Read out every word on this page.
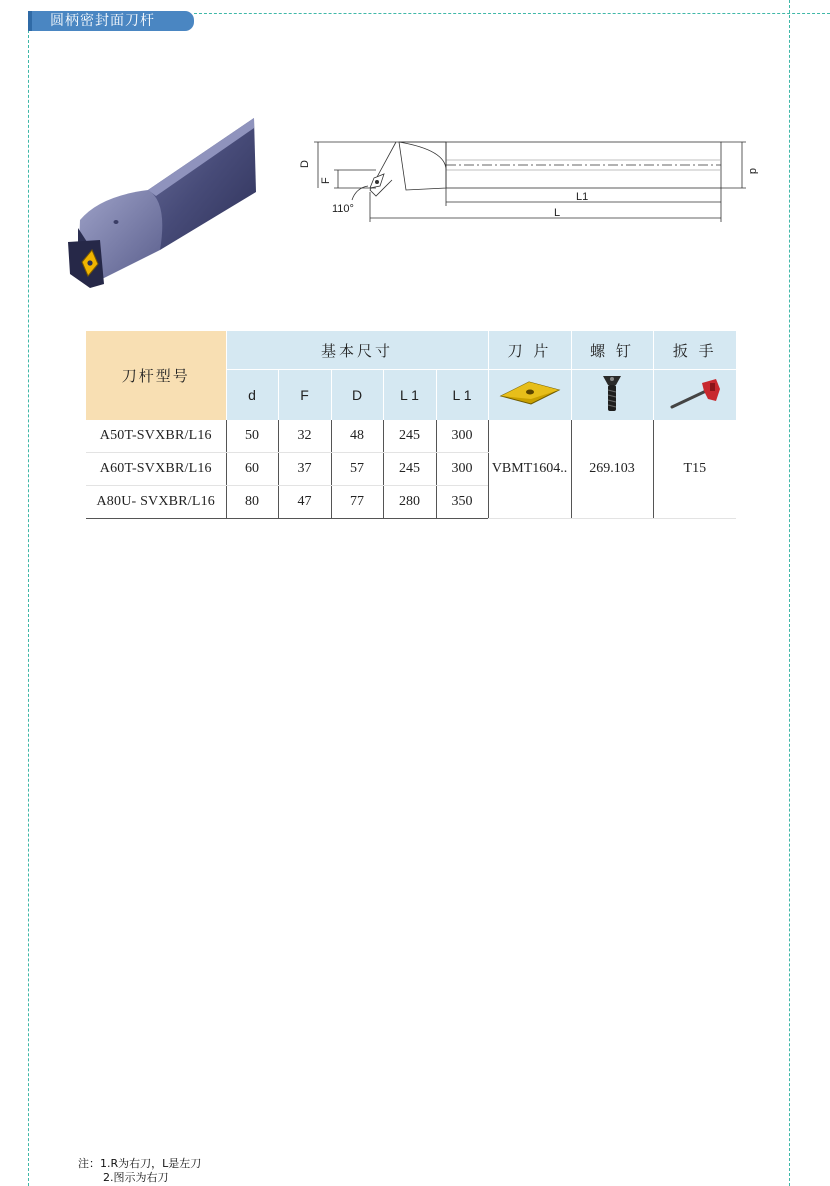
圆柄密封面刀杆
D
F
d
L1
L
110°
刀杆型号	基本尺寸					刀 片	螺 钉	扳 手
	d	F	D	L 1	L 1			
A50T-SVXBR/L16	50	32	48	245	300	VBMT1604..	269.103	T15
A60T-SVXBR/L16	60	37	57	245	300			
A80U- SVXBR/L16	80	47	77	280	350			
注：1.R为右刀，L是左刀
2.图示为右刀
